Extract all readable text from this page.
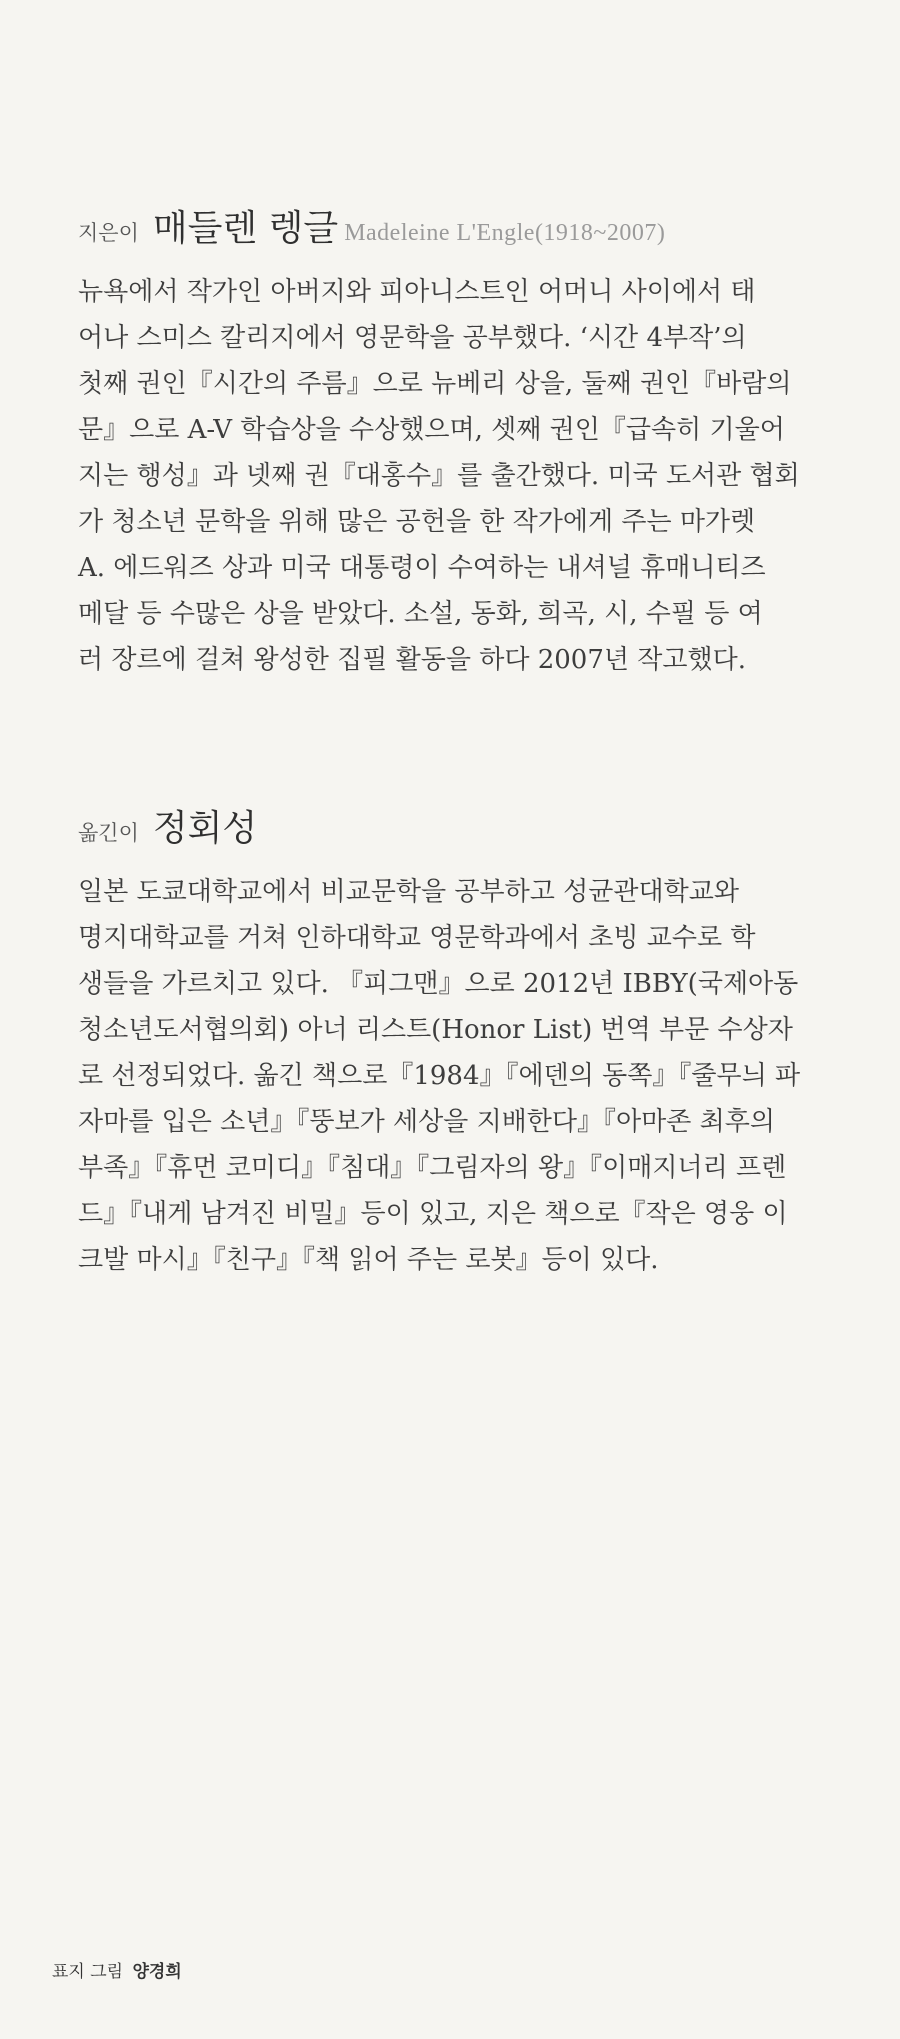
지은이 매들렌 렝글 Madeleine L'Engle(1918~2007)

뉴욕에서 작가인 아버지와 피아니스트인 어머니 사이에서 태
어나 스미스 칼리지에서 영문학을 공부했다. ‘시간 4부작’의
첫째 권인『시간의 주름』으로 뉴베리 상을, 둘째 권인『바람의
문』으로 A-V 학습상을 수상했으며, 셋째 권인『급속히 기울어
지는 행성』과 넷째 권『대홍수』를 출간했다. 미국 도서관 협회
가 청소년 문학을 위해 많은 공헌을 한 작가에게 주는 마가렛
A. 에드워즈 상과 미국 대통령이 수여하는 내셔널 휴매니티즈
메달 등 수많은 상을 받았다. 소설, 동화, 희곡, 시, 수필 등 여
러 장르에 걸쳐 왕성한 집필 활동을 하다 2007년 작고했다.

옮긴이 정회성

일본 도쿄대학교에서 비교문학을 공부하고 성균관대학교와
명지대학교를 거쳐 인하대학교 영문학과에서 초빙 교수로 학
생들을 가르치고 있다. 『피그맨』으로 2012년 IBBY(국제아동
청소년도서협의회) 아너 리스트(Honor List) 번역 부문 수상자
로 선정되었다. 옮긴 책으로『1984』『에덴의 동쪽』『줄무늬 파
자마를 입은 소년』『뚱보가 세상을 지배한다』『아마존 최후의
부족』『휴먼 코미디』『침대』『그림자의 왕』『이매지너리 프렌
드』『내게 남겨진 비밀』등이 있고, 지은 책으로『작은 영웅 이
크발 마시』『친구』『책 읽어 주는 로봇』등이 있다.

표지 그림 양경희
